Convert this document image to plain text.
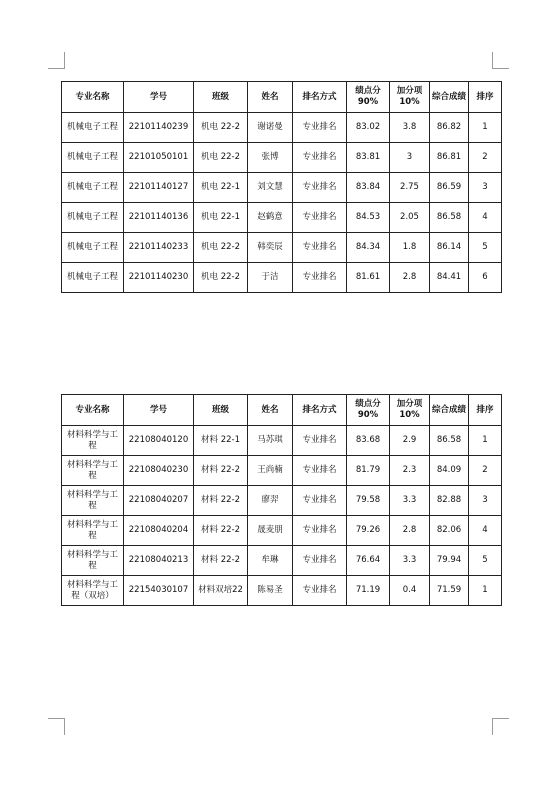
专业名称	学号	班级	姓名	排名方式	绩点分90%	加分项10%	综合成绩	排序
机械电子工程	22101140239	机电 22-2	谢诺曼	专业排名	83.02	3.8	86.82	1
机械电子工程	22101050101	机电 22-2	张博	专业排名	83.81	3	86.81	2
机械电子工程	22101140127	机电 22-1	刘文慧	专业排名	83.84	2.75	86.59	3
机械电子工程	22101140136	机电 22-1	赵鹤意	专业排名	84.53	2.05	86.58	4
机械电子工程	22101140233	机电 22-2	韩奕辰	专业排名	84.34	1.8	86.14	5
机械电子工程	22101140230	机电 22-2	于洁	专业排名	81.61	2.8	84.41	6
专业名称	学号	班级	姓名	排名方式	绩点分90%	加分项10%	综合成绩	排序
材料科学与工程	22108040120	材料 22-1	马苏琪	专业排名	83.68	2.9	86.58	1
材料科学与工程	22108040230	材料 22-2	王尚楠	专业排名	81.79	2.3	84.09	2
材料科学与工程	22108040207	材料 22-2	廖羿	专业排名	79.58	3.3	82.88	3
材料科学与工程	22108040204	材料 22-2	晟麦朋	专业排名	79.26	2.8	82.06	4
材料科学与工程	22108040213	材料 22-2	牟琳	专业排名	76.64	3.3	79.94	5
材料科学与工程（双培）	22154030107	材料双培22	陈易圣	专业排名	71.19	0.4	71.59	1
